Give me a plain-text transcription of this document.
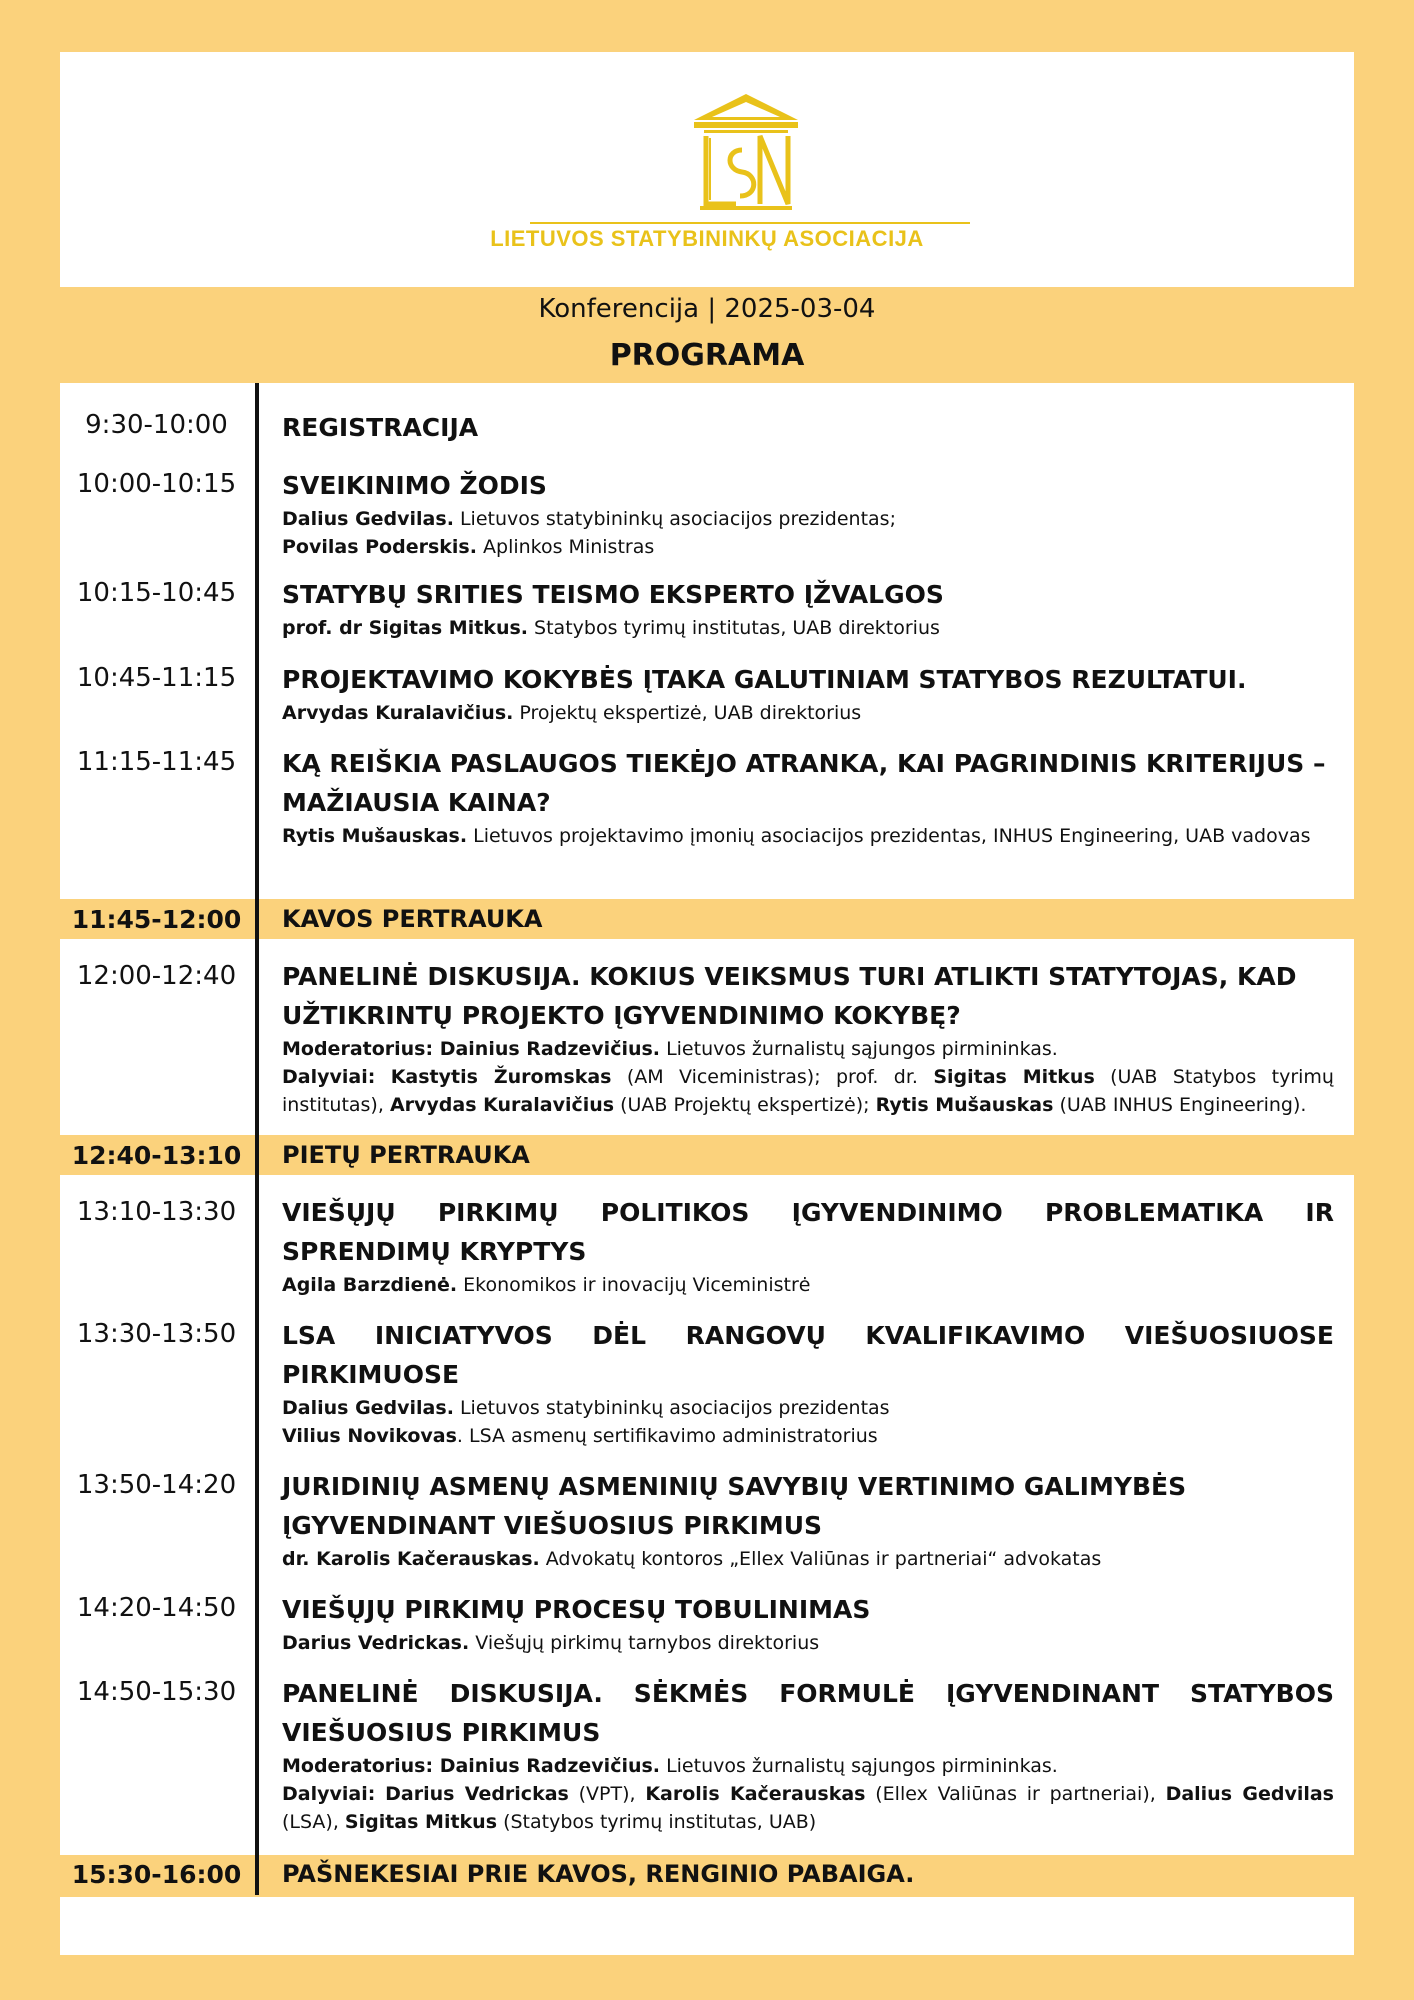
LIETUVOS STATYBININKŲ ASOCIACIJA
Konferencija | 2025-03-04
PROGRAMA
9:30-10:00	REGISTRACIJA
10:00-10:15	SVEIKINIMO ŽODIS
Dalius Gedvilas. Lietuvos statybininkų asociacijos prezidentas;
Povilas Poderskis. Aplinkos Ministras
10:15-10:45	STATYBŲ SRITIES TEISMO EKSPERTO ĮŽVALGOS
prof. dr Sigitas Mitkus. Statybos tyrimų institutas, UAB direktorius
10:45-11:15	PROJEKTAVIMO KOKYBĖS ĮTAKA GALUTINIAM STATYBOS REZULTATUI.
Arvydas Kuralavičius. Projektų ekspertizė, UAB direktorius
11:15-11:45	KĄ REIŠKIA PASLAUGOS TIEKĖJO ATRANKA, KAI PAGRINDINIS KRITERIJUS – MAŽIAUSIA KAINA?
Rytis Mušauskas. Lietuvos projektavimo įmonių asociacijos prezidentas, INHUS Engineering, UAB vadovas
11:45-12:00	KAVOS PERTRAUKA
12:00-12:40	PANELINĖ DISKUSIJA. KOKIUS VEIKSMUS TURI ATLIKTI STATYTOJAS, KAD UŽTIKRINTŲ PROJEKTO ĮGYVENDINIMO KOKYBĘ?
Moderatorius: Dainius Radzevičius. Lietuvos žurnalistų sąjungos pirmininkas.
Dalyviai: Kastytis Žuromskas (AM Viceministras); prof. dr. Sigitas Mitkus (UAB Statybos tyrimų institutas), Arvydas Kuralavičius (UAB Projektų ekspertizė); Rytis Mušauskas (UAB INHUS Engineering).
12:40-13:10	PIETŲ PERTRAUKA
13:10-13:30	VIEŠŲJŲ PIRKIMŲ POLITIKOS ĮGYVENDINIMO PROBLEMATIKA IR SPRENDIMŲ KRYPTYS
Agila Barzdienė. Ekonomikos ir inovacijų Viceministrė
13:30-13:50	LSA INICIATYVOS DĖL RANGOVŲ KVALIFIKAVIMO VIEŠUOSIUOSE PIRKIMUOSE
Dalius Gedvilas. Lietuvos statybininkų asociacijos prezidentas
Vilius Novikovas. LSA asmenų sertifikavimo administratorius
13:50-14:20	JURIDINIŲ ASMENŲ ASMENINIŲ SAVYBIŲ VERTINIMO GALIMYBĖS ĮGYVENDINANT VIEŠUOSIUS PIRKIMUS
dr. Karolis Kačerauskas. Advokatų kontoros „Ellex Valiūnas ir partneriai“ advokatas
14:20-14:50	VIEŠŲJŲ PIRKIMŲ PROCESŲ TOBULINIMAS
Darius Vedrickas. Viešųjų pirkimų tarnybos direktorius
14:50-15:30	PANELINĖ DISKUSIJA. SĖKMĖS FORMULĖ ĮGYVENDINANT STATYBOS VIEŠUOSIUS PIRKIMUS
Moderatorius: Dainius Radzevičius. Lietuvos žurnalistų sąjungos pirmininkas.
Dalyviai: Darius Vedrickas (VPT), Karolis Kačerauskas (Ellex Valiūnas ir partneriai), Dalius Gedvilas (LSA), Sigitas Mitkus (Statybos tyrimų institutas, UAB)
15:30-16:00	PAŠNEKESIAI PRIE KAVOS, RENGINIO PABAIGA.
